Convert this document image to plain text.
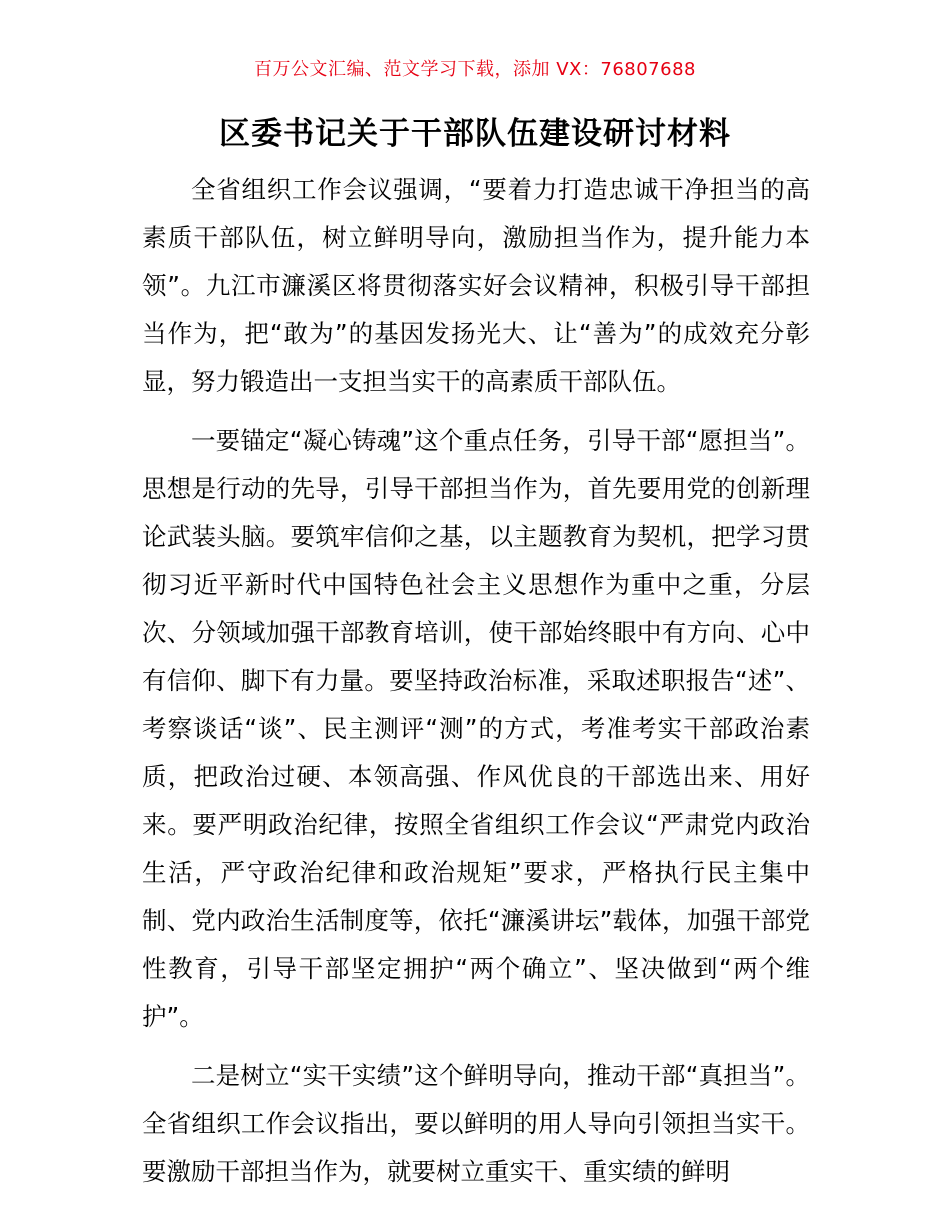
百万公文汇编、范文学习下载，添加 VX：76807688
区委书记关于干部队伍建设研讨材料

全省组织工作会议强调，“要着力打造忠诚干净担当的高素质干部队伍，树立鲜明导向，激励担当作为，提升能力本领”。九江市濂溪区将贯彻落实好会议精神，积极引导干部担当作为，把“敢为”的基因发扬光大、让“善为”的成效充分彰显，努力锻造出一支担当实干的高素质干部队伍。

一要锚定“凝心铸魂”这个重点任务，引导干部“愿担当”。思想是行动的先导，引导干部担当作为，首先要用党的创新理论武装头脑。要筑牢信仰之基，以主题教育为契机，把学习贯彻习近平新时代中国特色社会主义思想作为重中之重，分层次、分领域加强干部教育培训，使干部始终眼中有方向、心中有信仰、脚下有力量。要坚持政治标准，采取述职报告“述”、考察谈话“谈”、民主测评“测”的方式，考准考实干部政治素质，把政治过硬、本领高强、作风优良的干部选出来、用好来。要严明政治纪律，按照全省组织工作会议“严肃党内政治生活，严守政治纪律和政治规矩”要求，严格执行民主集中制、党内政治生活制度等，依托“濂溪讲坛”载体，加强干部党性教育，引导干部坚定拥护“两个确立”、坚决做到“两个维护”。

二是树立“实干实绩”这个鲜明导向，推动干部“真担当”。全省组织工作会议指出，要以鲜明的用人导向引领担当实干。要激励干部担当作为，就要树立重实干、重实绩的鲜明
